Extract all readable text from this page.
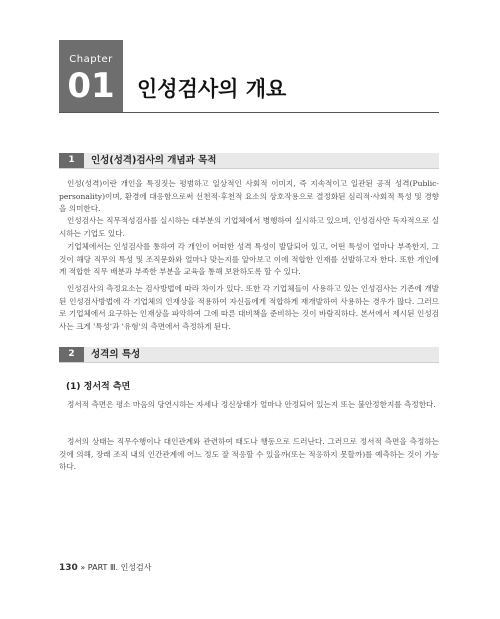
Chapter
01	인성검사의 개요
1	인성(성격)검사의 개념과 목적

인성(성격)이란 개인을 특징짓는 평범하고 일상적인 사회적 이미지, 즉 지속적이고 일관된 공적 성격(Public-personality)이며, 환경에 대응함으로써 선천적·후천적 요소의 상호작용으로 결정화된 심리적·사회적 특성 및 경향을 의미한다.

인성검사는 직무적성검사를 실시하는 대부분의 기업체에서 병행하여 실시하고 있으며, 인성검사만 독자적으로 실시하는 기업도 있다.

기업체에서는 인성검사를 통하여 각 개인이 어떠한 성격 특성이 발달되어 있고, 어떤 특성이 얼마나 부족한지, 그것이 해당 직무의 특성 및 조직문화와 얼마나 맞는지를 알아보고 이에 적합한 인재를 선발하고자 한다. 또한 개인에게 적합한 직무 배분과 부족한 부분을 교육을 통해 보완하도록 할 수 있다.

인성검사의 측정요소는 검사방법에 따라 차이가 있다. 또한 각 기업체들이 사용하고 있는 인성검사는 기존에 개발된 인성검사방법에 각 기업체의 인재상을 적용하여 자신들에게 적합하게 재개발하여 사용하는 경우가 많다. 그러므로 기업체에서 요구하는 인재상을 파악하여 그에 따른 대비책을 준비하는 것이 바람직하다. 본서에서 제시된 인성검사는 크게 '특성'과 '유형'의 측면에서 측정하게 된다.

2	성격의 특성
(1) 정서적 측면

정서적 측면은 평소 마음의 당연시하는 자세나 정신상태가 얼마나 안정되어 있는지 또는 불안정한지를 측정한다.

정서의 상태는 직무수행이나 대인관계와 관련하여 태도나 행동으로 드러난다. 그러므로 정서적 측면을 측정하는 것에 의해, 장래 조직 내의 인간관계에 어느 정도 잘 적응할 수 있을까(또는 적응하지 못할까)를 예측하는 것이 가능하다.

130 » PART Ⅲ. 인성검사
